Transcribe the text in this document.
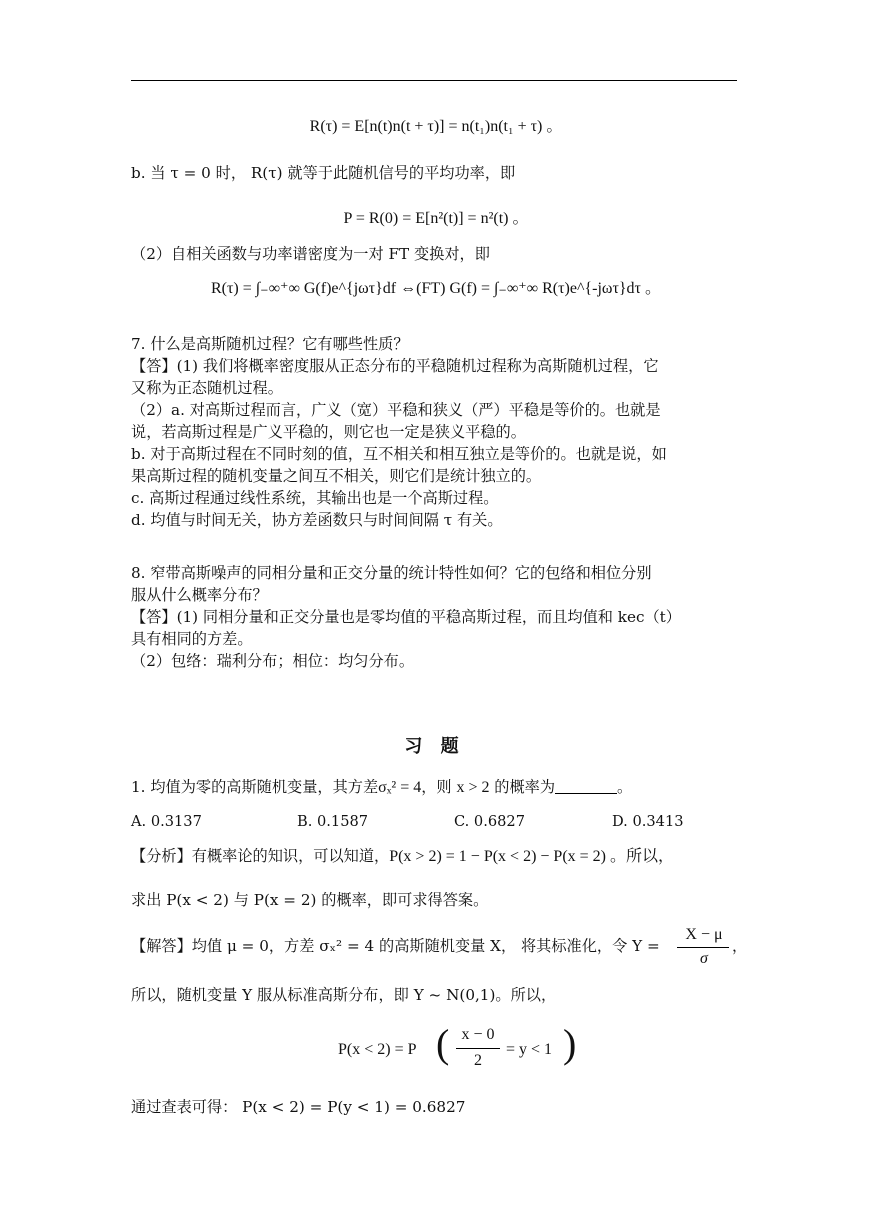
R(τ) = E[n(t)n(t + τ)] = n(t₁)n(t₁ + τ) 。
b. 当 τ = 0 时， R(τ) 就等于此随机信号的平均功率，即
P = R(0) = E[n²(t)] = n²(t) 。
（2）自相关函数与功率谱密度为一对 FT 变换对，即
R(τ) = ∫₋∞⁺∞ G(f)e^{jωτ}df ⇔(FT) G(f) = ∫₋∞⁺∞ R(τ)e^{-jωτ}dτ 。
7. 什么是高斯随机过程？它有哪些性质？
【答】(1) 我们将概率密度服从正态分布的平稳随机过程称为高斯随机过程，它
又称为正态随机过程。
（2）a. 对高斯过程而言，广义（宽）平稳和狭义（严）平稳是等价的。也就是
说，若高斯过程是广义平稳的，则它也一定是狭义平稳的。
b. 对于高斯过程在不同时刻的值，互不相关和相互独立是等价的。也就是说，如
果高斯过程的随机变量之间互不相关，则它们是统计独立的。
c. 高斯过程通过线性系统，其输出也是一个高斯过程。
d. 均值与时间无关，协方差函数只与时间间隔 τ 有关。
8. 窄带高斯噪声的同相分量和正交分量的统计特性如何？它的包络和相位分别
服从什么概率分布？
【答】(1) 同相分量和正交分量也是零均值的平稳高斯过程，而且均值和 kec（t）
具有相同的方差。
（2）包络：瑞利分布；相位：均匀分布。
习 题
1. 均值为零的高斯随机变量，其方差σₓ² = 4，则 x > 2 的概率为	。
A. 0.3137	B. 0.1587	C. 0.6827	D. 0.3413
【分析】有概率论的知识，可以知道，P(x > 2) = 1 − P(x < 2) − P(x = 2) 。所以，
求出 P(x < 2) 与 P(x = 2) 的概率，即可求得答案。
【解答】均值 μ = 0，方差 σₓ² = 4 的高斯随机变量 X， 将其标准化，令 Y =
X − μ
σ
，
所以，随机变量 Y 服从标准高斯分布，即 Y ~ N(0,1)。所以，
P(x < 2) = P ( x − 0
2
= y < 1 )
通过查表可得： P(x < 2) = P(y < 1) = 0.6827
